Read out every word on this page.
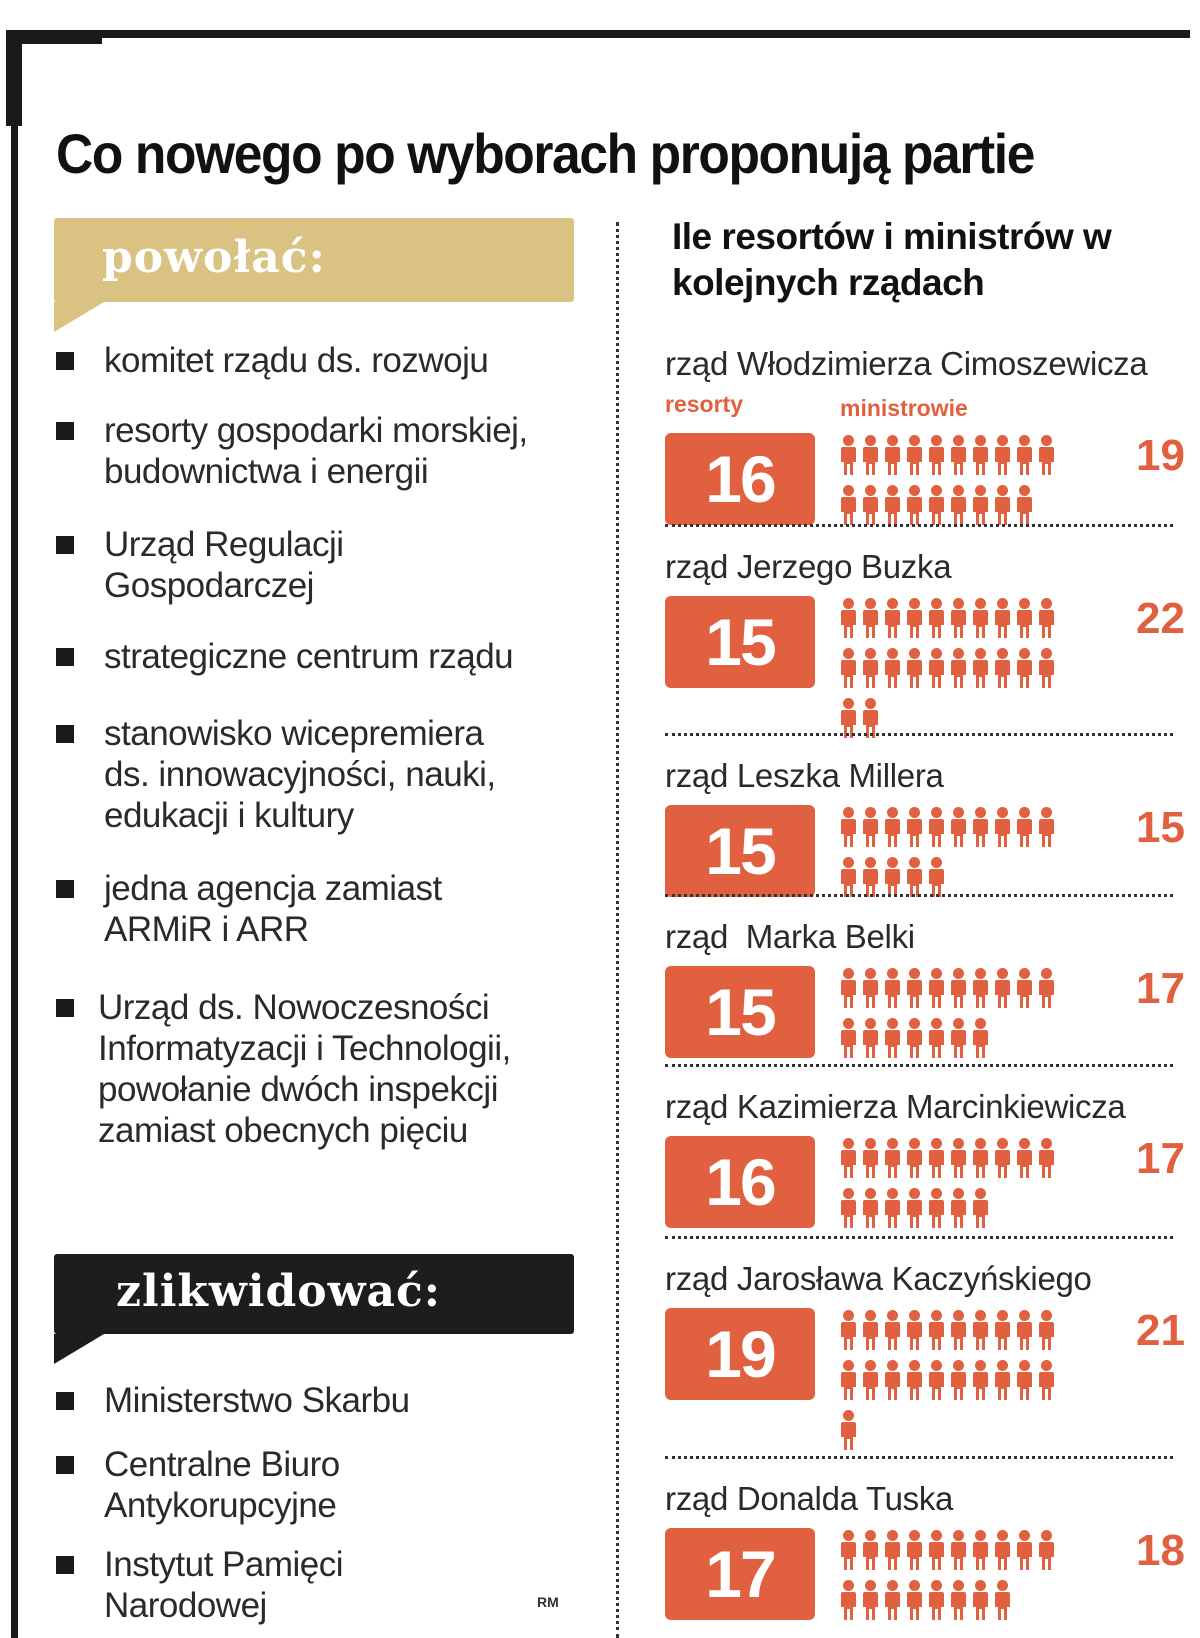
Co nowego po wyborach proponują partie
powołać:
komitet rządu ds. rozwoju
resorty gospodarki morskiej, budownictwa i energii
Urząd Regulacji Gospodarczej
strategiczne centrum rządu
stanowisko wicepremiera ds. innowacyjności, nauki, edukacji i kultury
jedna agencja zamiast ARMiR i ARR
Urząd ds. Nowoczesności Informatyzacji i Technologii, powołanie dwóch inspekcji zamiast obecnych pięciu
zlikwidować:
Ministerstwo Skarbu
Centralne Biuro Antykorupcyjne
Instytut Pamięci Narodowej	RM
Ile resortów i ministrów w kolejnych rządach
rząd Włodzimierza Cimoszewicza
resorty	ministrowie
16	19
rząd Jerzego Buzka
15	22
rząd Leszka Millera
15	15
rząd  Marka Belki
15	17
rząd Kazimierza Marcinkiewicza
16	17
rząd Jarosława Kaczyńskiego
19	21
rząd Donalda Tuska
17	18
